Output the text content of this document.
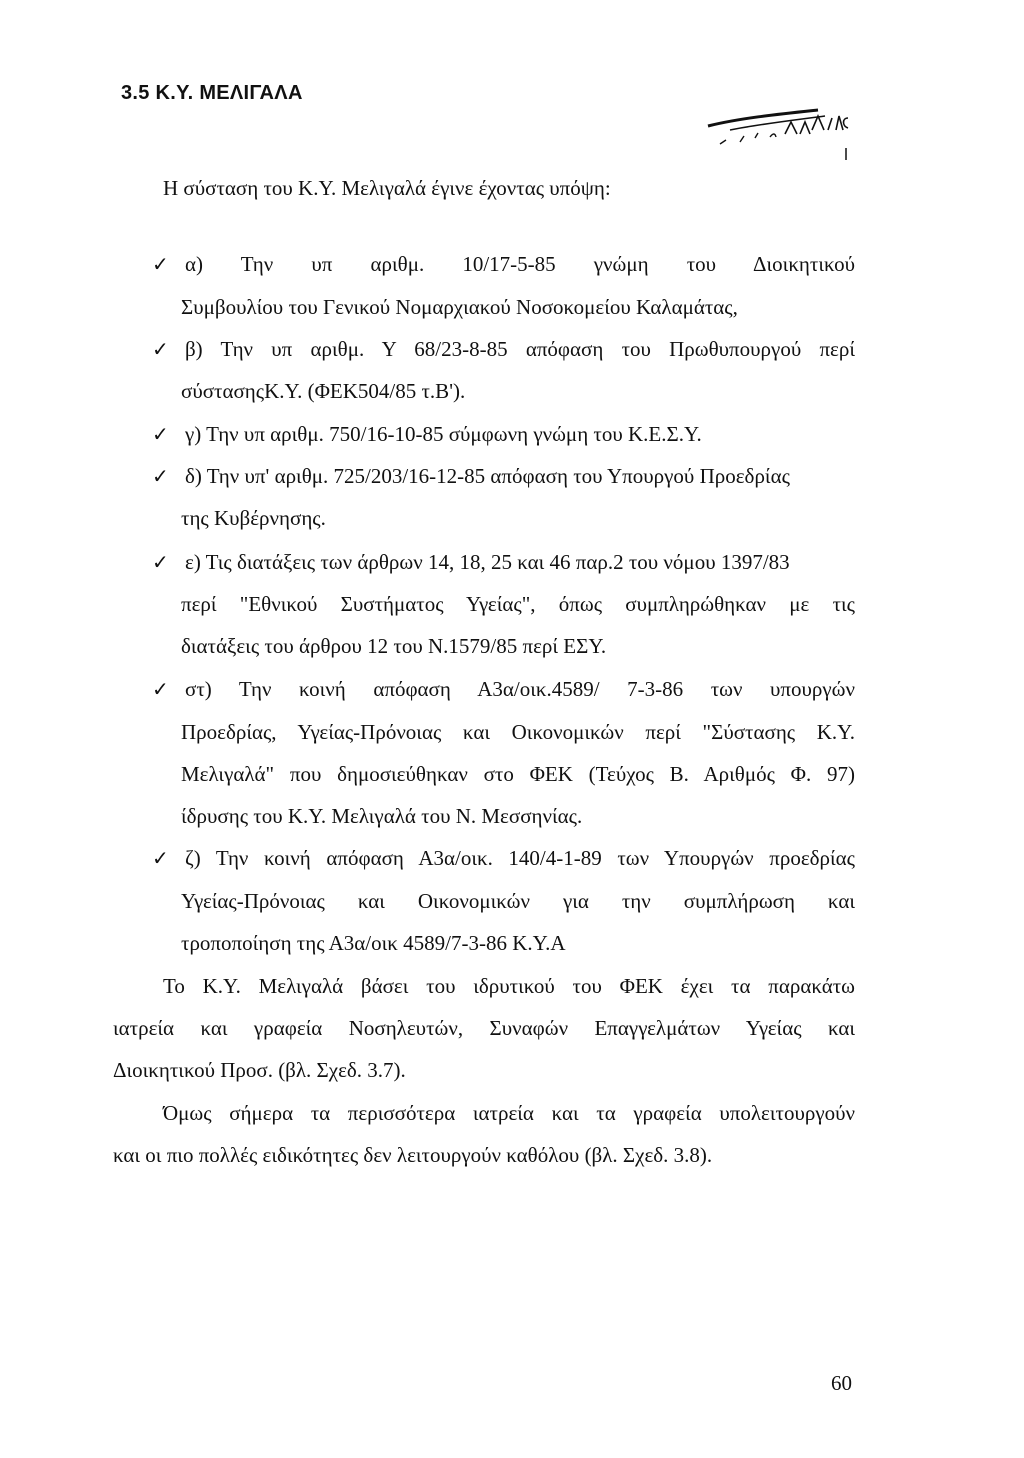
3.5 Κ.Υ. ΜΕΛΙΓΑΛΑ
Η σύσταση του Κ.Υ. Μελιγαλά έγινε έχοντας υπόψη:
✓ α) Την υπ αριθμ. 10/17-5-85 γνώμη του Διοικητικού
Συμβουλίου του Γενικού Νομαρχιακού Νοσοκομείου Καλαμάτας,
✓ β) Την υπ αριθμ. Υ 68/23-8-85 απόφαση του Πρωθυπουργού περί
σύστασηςΚ.Υ. (ΦΕΚ504/85 τ.Β').
✓ γ) Την υπ αριθμ. 750/16-10-85 σύμφωνη γνώμη του Κ.Ε.Σ.Υ.
✓ δ) Την υπ' αριθμ. 725/203/16-12-85 απόφαση του Υπουργού Προεδρίας
της Κυβέρνησης.
✓ ε) Τις διατάξεις των άρθρων 14, 18, 25 και 46 παρ.2 του νόμου 1397/83
περί "Εθνικού Συστήματος Υγείας", όπως συμπληρώθηκαν με τις
διατάξεις του άρθρου 12 του Ν.1579/85 περί ΕΣΥ.
✓ στ) Την κοινή απόφαση Α3α/οικ.4589/ 7-3-86 των υπουργών
Προεδρίας, Υγείας-Πρόνοιας και Οικονομικών περί "Σύστασης Κ.Υ.
Μελιγαλά" που δημοσιεύθηκαν στο ΦΕΚ (Τεύχος Β. Αριθμός Φ. 97)
ίδρυσης του Κ.Υ. Μελιγαλά του Ν. Μεσσηνίας.
✓ ζ) Την κοινή απόφαση Α3α/οικ. 140/4-1-89 των Υπουργών προεδρίας
Υγείας-Πρόνοιας και Οικονομικών για την συμπλήρωση και
τροποποίηση της Α3α/οικ 4589/7-3-86 Κ.Υ.Α
Το Κ.Υ. Μελιγαλά βάσει του ιδρυτικού του ΦΕΚ έχει τα παρακάτω
ιατρεία και γραφεία Νοσηλευτών, Συναφών Επαγγελμάτων Υγείας και
Διοικητικού Προσ. (βλ. Σχεδ. 3.7).
Όμως σήμερα τα περισσότερα ιατρεία και τα γραφεία υπολειτουργούν
και οι πιο πολλές ειδικότητες δεν λειτουργούν καθόλου (βλ. Σχεδ. 3.8).
60
